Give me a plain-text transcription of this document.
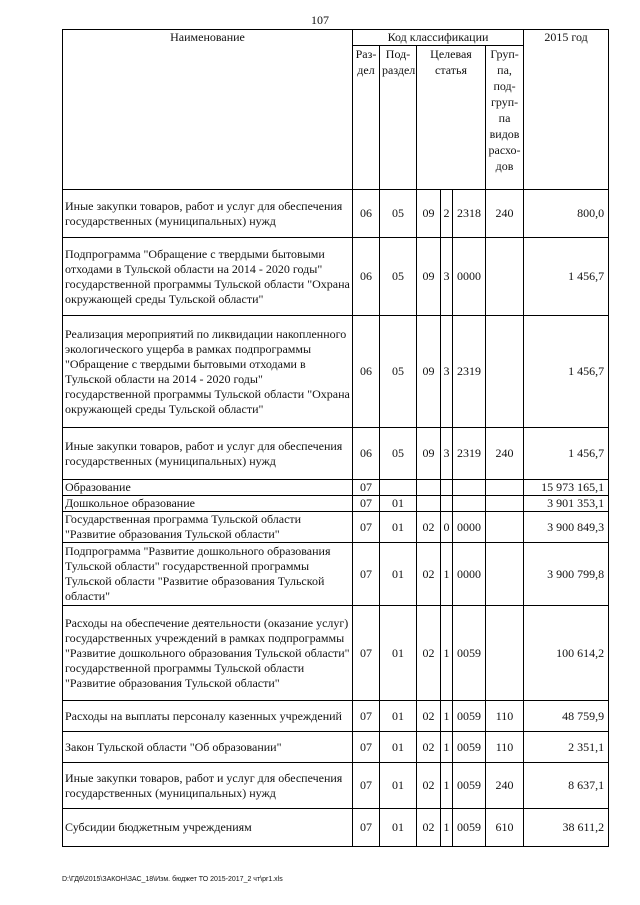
107
Наименование	Код классификации						2015 год
	Раз-дел	Под-раздел	Целевая статья			Груп-па, под-груп-па видов расхо-дов	
Иные закупки товаров, работ и услуг для обеспечения государственных (муниципальных) нужд	06	05	09	2	2318	240	800,0
Подпрограмма "Обращение с твердыми бытовыми отходами в Тульской области на 2014 - 2020 годы" государственной программы Тульской области "Охрана окружающей среды Тульской области"	06	05	09	3	0000		1 456,7
Реализация мероприятий по ликвидации накопленного экологического ущерба в рамках подпрограммы "Обращение с твердыми бытовыми отходами в Тульской области на 2014 - 2020 годы" государственной программы Тульской области "Охрана окружающей среды Тульской области"	06	05	09	3	2319		1 456,7
Иные закупки товаров, работ и услуг для обеспечения государственных (муниципальных) нужд	06	05	09	3	2319	240	1 456,7
Образование	07						15 973 165,1
Дошкольное образование	07	01					3 901 353,1
Государственная программа Тульской области "Развитие образования Тульской области"	07	01	02	0	0000		3 900 849,3
Подпрограмма "Развитие дошкольного образования Тульской области" государственной программы Тульской области "Развитие образования Тульской области"	07	01	02	1	0000		3 900 799,8
Расходы на обеспечение деятельности (оказание услуг) государственных учреждений в рамках подпрограммы "Развитие дошкольного образования Тульской области" государственной программы Тульской области "Развитие образования Тульской области"	07	01	02	1	0059		100 614,2
Расходы на выплаты персоналу казенных учреждений	07	01	02	1	0059	110	48 759,9
Закон Тульской области "Об образовании"	07	01	02	1	0059	110	2 351,1
Иные закупки товаров, работ и услуг для обеспечения государственных (муниципальных) нужд	07	01	02	1	0059	240	8 637,1
Субсидии бюджетным учреждениям	07	01	02	1	0059	610	38 611,2
D:\ГД6\2015\ЗАКОН\ЗАС_18\Изм. бюджет ТО 2015-2017_2 чт\pr1.xls
